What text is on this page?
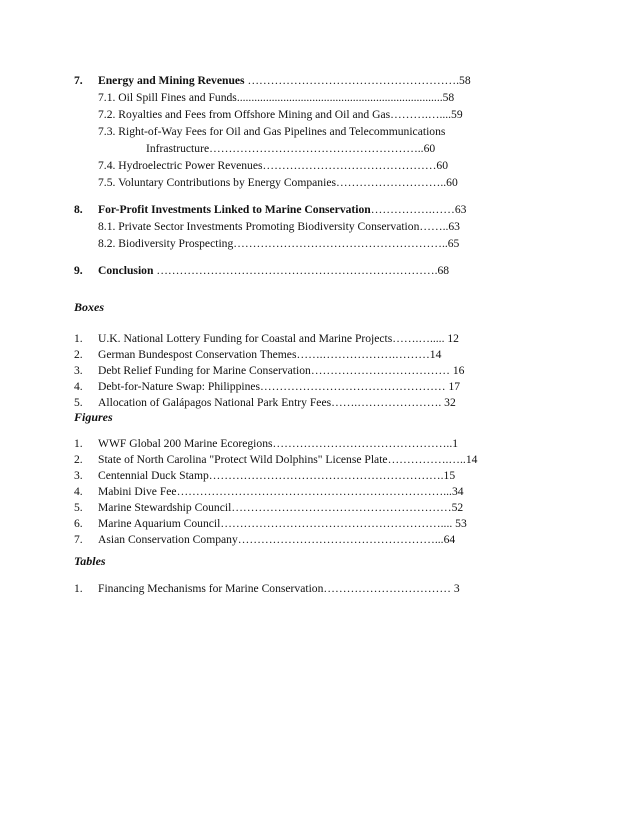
7. Energy and Mining Revenues ……………………………………………….58
7.1. Oil Spill Fines and Funds.......................................................................58
7.2. Royalties and Fees from Offshore Mining and Oil and Gas……….…....59
7.3. Right-of-Way Fees for Oil and Gas Pipelines and Telecommunications
Infrastructure………………………………………………..60
7.4. Hydroelectric Power Revenues………………………………………60
7.5. Voluntary Contributions by Energy Companies………………………..60
8. For-Profit Investments Linked to Marine Conservation…………….……63
8.1. Private Sector Investments Promoting Biodiversity Conservation……..63
8.2. Biodiversity Prospecting………………………………………………..65
9. Conclusion ……………………………………………………………….68
Boxes
1. U.K. National Lottery Funding for Coastal and Marine Projects…….…..... 12
2. German Bundespost Conservation Themes…….……………….………14
3. Debt Relief Funding for Marine Conservation……………………………… 16
4. Debt-for-Nature Swap: Philippines………………………………………… 17
5. Allocation of Galápagos National Park Entry Fees…….…………………. 32
Figures
1. WWF Global 200 Marine Ecoregions………………………………………..1
2. State of North Carolina "Protect Wild Dolphins" License Plate…………….…..14
3. Centennial Duck Stamp…………………………………………………….15
4. Mabini Dive Fee……………………………………………………………...34
5. Marine Stewardship Council…………………………………………………52
6. Marine Aquarium Council………………………………………………….... 53
7. Asian Conservation Company……………………………………………...64
Tables
1. Financing Mechanisms for Marine Conservation…………………………… 3
